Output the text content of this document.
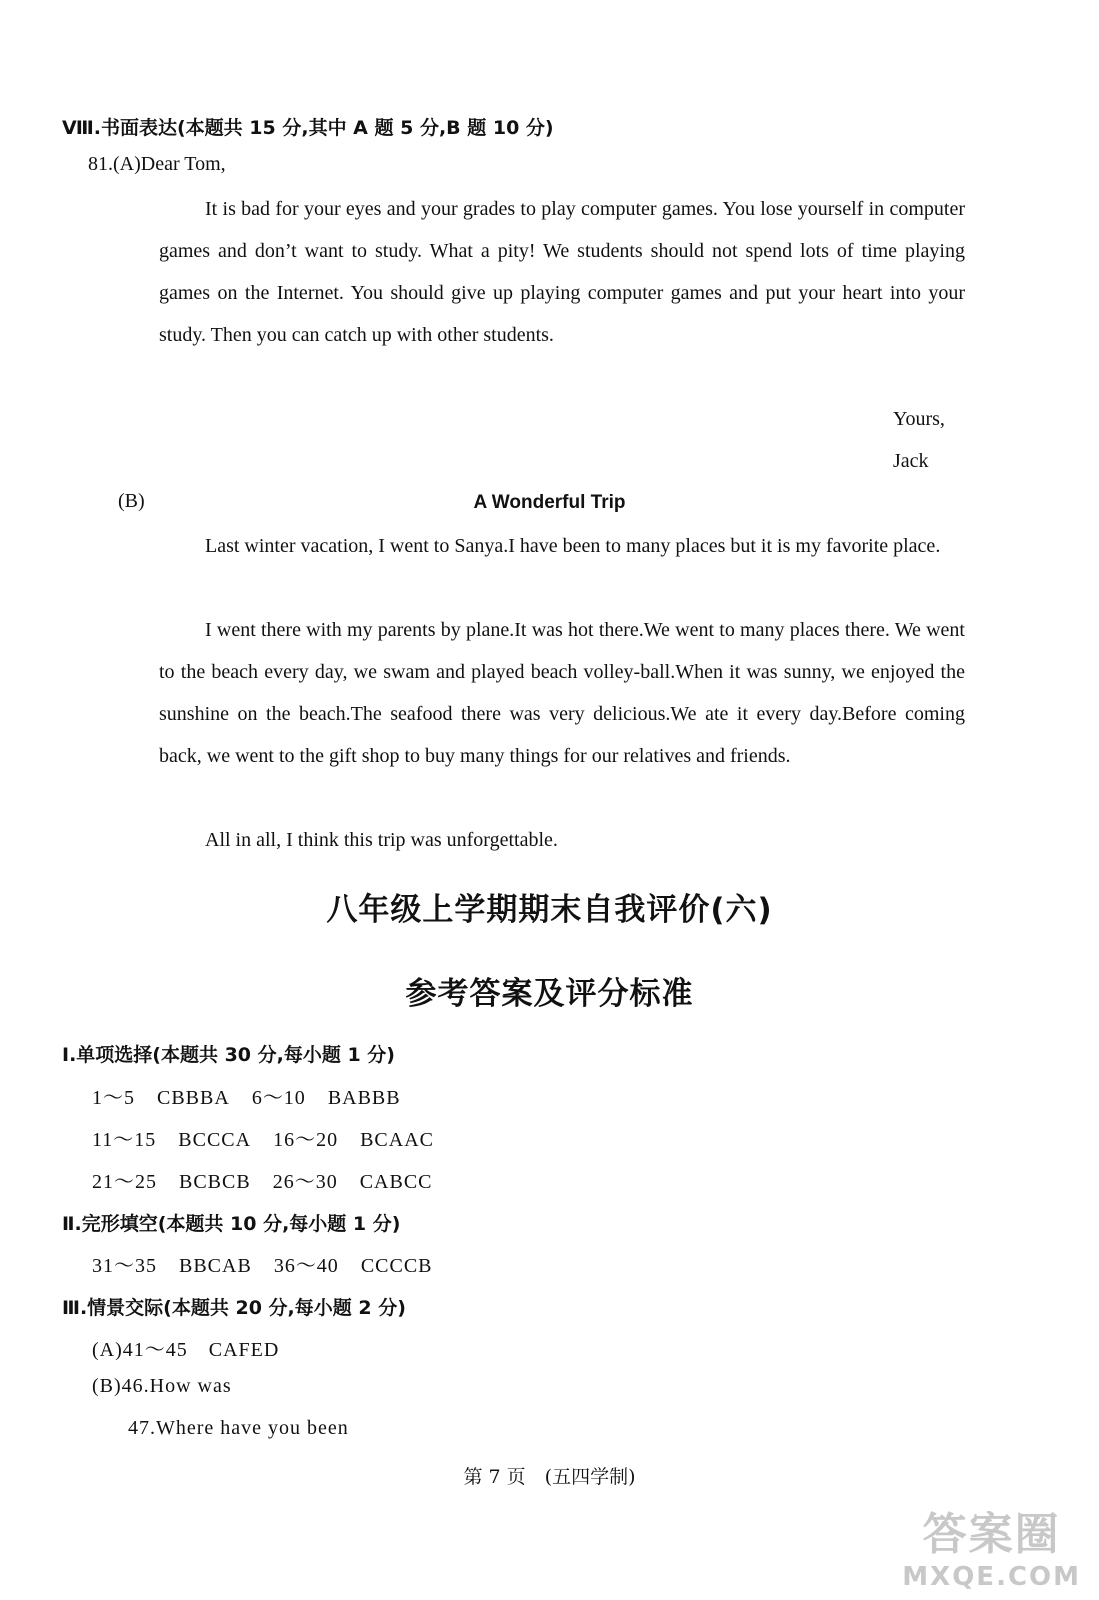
Ⅷ.书面表达(本题共 15 分,其中 A 题 5 分,B 题 10 分)
81.(A)Dear Tom,
It is bad for your eyes and your grades to play computer games. You lose yourself in computer games and don’t want to study. What a pity! We students should not spend lots of time playing games on the Internet. You should give up playing computer games and put your heart into your study. Then you can catch up with other students.
Yours,
Jack
(B)	A Wonderful Trip
Last winter vacation, I went to Sanya.I have been to many places but it is my favorite place.
I went there with my parents by plane.It was hot there.We went to many places there. We went to the beach every day, we swam and played beach volley-ball.When it was sunny, we enjoyed the sunshine on the beach.The seafood there was very delicious.We ate it every day.Before coming back, we went to the gift shop to buy many things for our relatives and friends.
All in all, I think this trip was unforgettable.
八年级上学期期末自我评价(六)
参考答案及评分标准
Ⅰ.单项选择(本题共 30 分,每小题 1 分)
1～5 CBBBA 6～10 BABBB
11～15 BCCCA 16～20 BCAAC
21～25 BCBCB 26～30 CABCC
Ⅱ.完形填空(本题共 10 分,每小题 1 分)
31～35 BBCAB 36～40 CCCCB
Ⅲ.情景交际(本题共 20 分,每小题 2 分)
(A)41～45　CAFED
(B)46.How was
47.Where have you been
第 7 页　(五四学制)
答案圈
MXQE.COM
